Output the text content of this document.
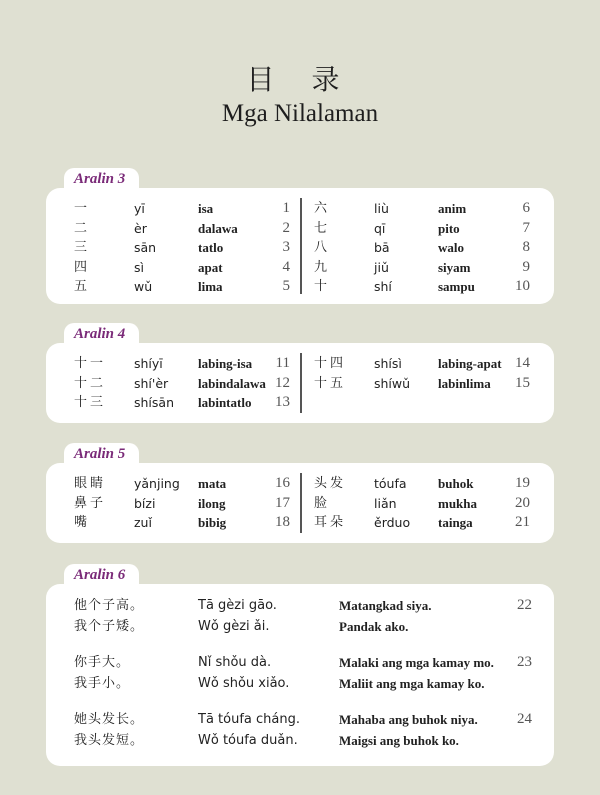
目 录
Mga Nilalaman
一	yī	isa	1
二	èr	dalawa	2
三	sān	tatlo	3
四	sì	apat	4
五	wǔ	lima	5
六	liù	anim	6
七	qī	pito	7
八	bā	walo	8
九	jiǔ	siyam	9
十	shí	sampu	10
Aralin 3
十一 shíyī	labing-isa	11
十二 shí'èr labindalawa 12
十三 shísān labintatlo	13
十四 shísì	labing-apat 14
十五 shíwǔ labinlima	15
Aralin 4
眼睛 yǎnjing mata	16
鼻子 bízi	ilong	17
嘴	zuǐ	bibig	18
头发 tóufa buhok	19
脸	liǎn	mukha	20
耳朵 ěrduo tainga	21
Aralin 5
他个子高。	Tā gèzi gāo.	Matangkad siya.
我个子矮。	Wǒ gèzi ǎi.	Pandak ako.
22
你手大。	Nǐ shǒu dà.	Malaki ang mga kamay mo.
我手小。	Wǒ shǒu xiǎo.	Maliit ang mga kamay ko.
23
她头发长。	Tā tóufa cháng.	Mahaba ang buhok niya.
我头发短。	Wǒ tóufa duǎn.	Maigsi ang buhok ko.
24
Aralin 6
